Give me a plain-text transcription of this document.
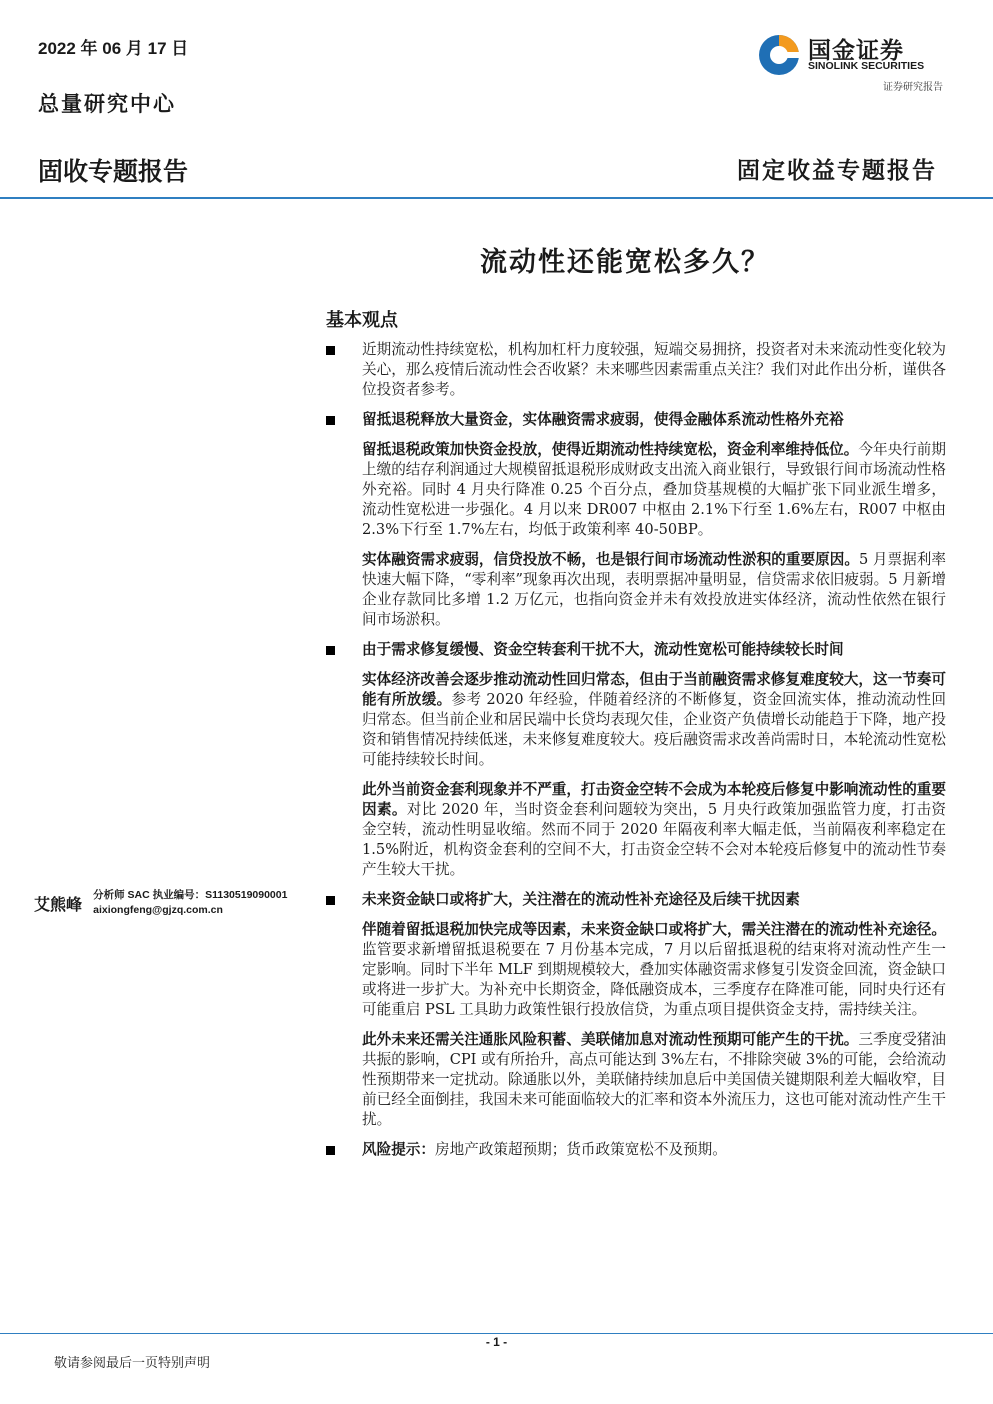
2022 年 06 月 17 日
总量研究中心
国金证券
SINOLINK SECURITIES
证券研究报告
固收专题报告	固定收益专题报告
流动性还能宽松多久？
基本观点
近期流动性持续宽松，机构加杠杆力度较强，短端交易拥挤，投资者对未来流动性变化较为关心，那么疫情后流动性会否收紧？未来哪些因素需重点关注？我们对此作出分析，谨供各位投资者参考。
留抵退税释放大量资金，实体融资需求疲弱，使得金融体系流动性格外充裕
留抵退税政策加快资金投放，使得近期流动性持续宽松，资金利率维持低位。今年央行前期上缴的结存利润通过大规模留抵退税形成财政支出流入商业银行，导致银行间市场流动性格外充裕。同时 4 月央行降准 0.25 个百分点，叠加贷基规模的大幅扩张下同业派生增多，流动性宽松进一步强化。4 月以来 DR007 中枢由 2.1%下行至 1.6%左右，R007 中枢由 2.3%下行至 1.7%左右，均低于政策利率 40-50BP。
实体融资需求疲弱，信贷投放不畅，也是银行间市场流动性淤积的重要原因。5 月票据利率快速大幅下降，“零利率”现象再次出现，表明票据冲量明显，信贷需求依旧疲弱。5 月新增企业存款同比多增 1.2 万亿元，也指向资金并未有效投放进实体经济，流动性依然在银行间市场淤积。
由于需求修复缓慢、资金空转套利干扰不大，流动性宽松可能持续较长时间
实体经济改善会逐步推动流动性回归常态，但由于当前融资需求修复难度较大，这一节奏可能有所放缓。参考 2020 年经验，伴随着经济的不断修复，资金回流实体，推动流动性回归常态。但当前企业和居民端中长贷均表现欠佳，企业资产负债增长动能趋于下降，地产投资和销售情况持续低迷，未来修复难度较大。疫后融资需求改善尚需时日，本轮流动性宽松可能持续较长时间。
此外当前资金套利现象并不严重，打击资金空转不会成为本轮疫后修复中影响流动性的重要因素。对比 2020 年，当时资金套利问题较为突出，5 月央行政策加强监管力度，打击资金空转，流动性明显收缩。然而不同于 2020 年隔夜利率大幅走低，当前隔夜利率稳定在 1.5%附近，机构资金套利的空间不大，打击资金空转不会对本轮疫后修复中的流动性节奏产生较大干扰。
未来资金缺口或将扩大，关注潜在的流动性补充途径及后续干扰因素
伴随着留抵退税加快完成等因素，未来资金缺口或将扩大，需关注潜在的流动性补充途径。监管要求新增留抵退税要在 7 月份基本完成，7 月以后留抵退税的结束将对流动性产生一定影响。同时下半年 MLF 到期规模较大，叠加实体融资需求修复引发资金回流，资金缺口或将进一步扩大。为补充中长期资金，降低融资成本，三季度存在降准可能，同时央行还有可能重启 PSL 工具助力政策性银行投放信贷，为重点项目提供资金支持，需持续关注。
此外未来还需关注通胀风险积蓄、美联储加息对流动性预期可能产生的干扰。三季度受猪油共振的影响，CPI 或有所抬升，高点可能达到 3%左右，不排除突破 3%的可能，会给流动性预期带来一定扰动。除通胀以外，美联储持续加息后中美国债关键期限利差大幅收窄，目前已经全面倒挂，我国未来可能面临较大的汇率和资本外流压力，这也可能对流动性产生干扰。
风险提示：房地产政策超预期；货币政策宽松不及预期。
艾熊峰 分析师 SAC 执业编号：S1130519090001
aixiongfeng@gjzq.com.cn
- 1 -
敬请参阅最后一页特别声明
